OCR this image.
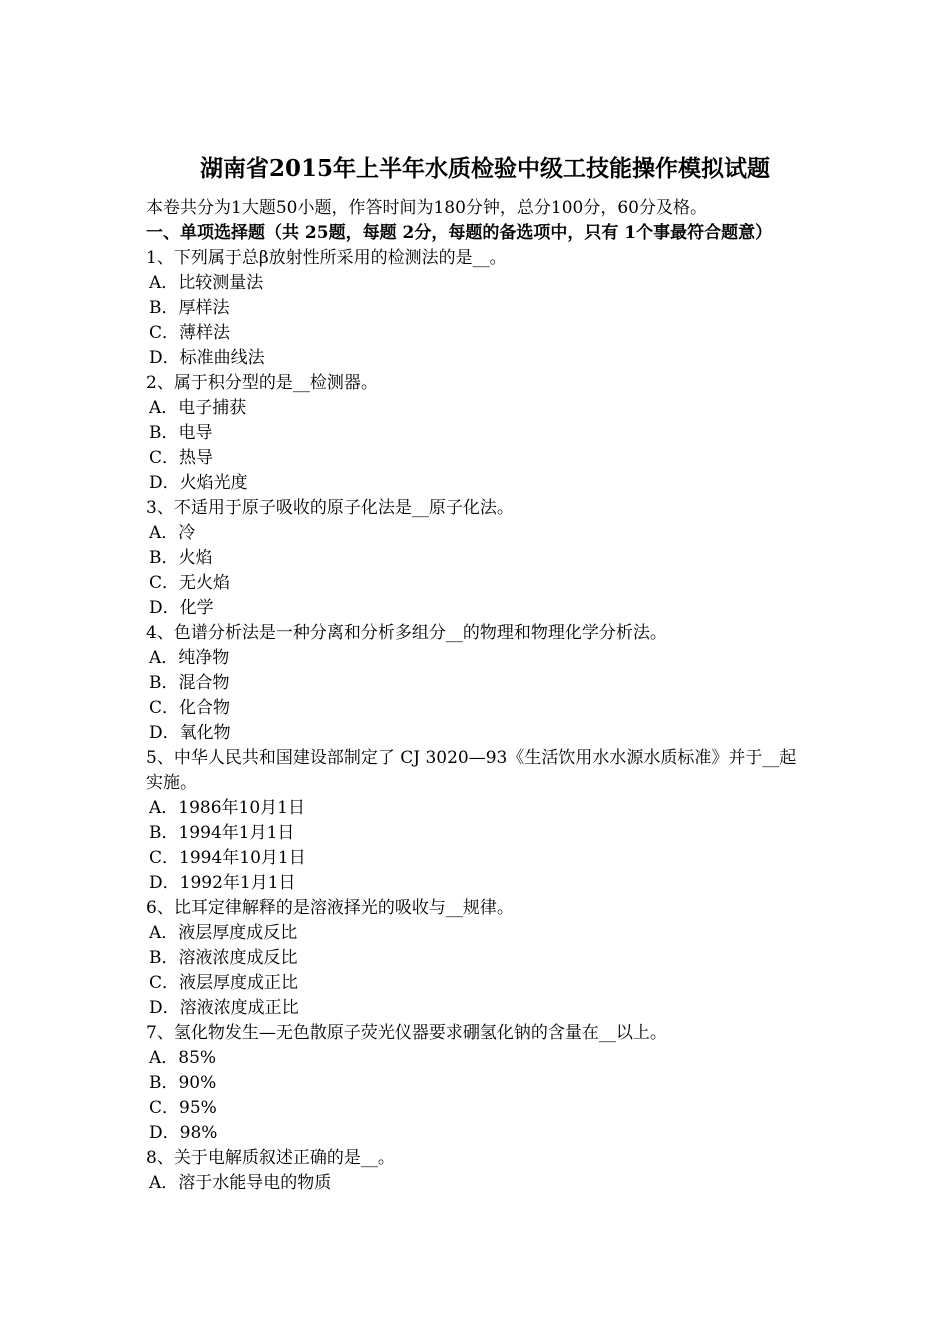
湖南省2015年上半年水质检验中级工技能操作模拟试题
本卷共分为1大题50小题，作答时间为180分钟，总分100分，60分及格。
一、单项选择题（共 25题，每题 2分，每题的备选项中，只有 1个事最符合题意）
1、下列属于总β放射性所采用的检测法的是__。
A．比较测量法
B．厚样法
C．薄样法
D．标准曲线法
2、属于积分型的是__检测器。
A．电子捕获
B．电导
C．热导
D．火焰光度
3、不适用于原子吸收的原子化法是__原子化法。
A．冷
B．火焰
C．无火焰
D．化学
4、色谱分析法是一种分离和分析多组分__的物理和物理化学分析法。
A．纯净物
B．混合物
C．化合物
D．氧化物
5、中华人民共和国建设部制定了 CJ 3020—93《生活饮用水水源水质标准》并于__起实施。
A．1986年10月1日
B．1994年1月1日
C．1994年10月1日
D．1992年1月1日
6、比耳定律解释的是溶液择光的吸收与__规律。
A．液层厚度成反比
B．溶液浓度成反比
C．液层厚度成正比
D．溶液浓度成正比
7、氢化物发生—无色散原子荧光仪器要求硼氢化钠的含量在__以上。
A．85%
B．90%
C．95%
D．98%
8、关于电解质叙述正确的是__。
A．溶于水能导电的物质
